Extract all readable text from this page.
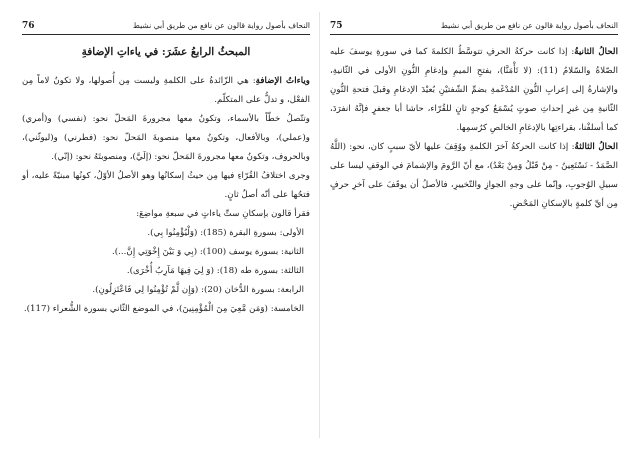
76	النحاف بأصول رواية قالون عن نافع من طريق أبي نشيط
المبحثُ الرابعُ عشَرَ: في ياءاتِ الإضافةِ

وياءاتُ الإضافةِ: هي الزّائدةُ على الكلمةِ وليست مِن أُصولها، ولا تكونُ لاماً مِن الفعْل، و تدلُّ على المتكلّم.

وتتّصلُ خطّاً بالأسماء، وتكونُ معها مجرورةَ المَحلّ نحو: (نفسي) و(أمري) و(عملي)، وبالأفعال، وتكونُ معها منصوبةَ المَحلّ نحو: (فطرني) و(ليوثّني)، وبالحروف، وتكونُ معها مجرورةَ المَحلّ نحو: (إلَيَّ)، ومنصوبتَهُ نحو: (إنّي).

وجرى اختلافُ القُرّاءِ فيها مِن حيثُ إسكانُها وهو الأصلُ الأوّلُ، كونُها مبنيّةً عليه، أو فتحُها على أنّه أصلٌ ثانٍ.

فقرأ قالون بإسكانِ ستِّ ياءاتٍ في سبعةِ مواضِعَ:

الأولى: بسورةِ البقرة (185): (وَلْيُؤْمِنُوا بِي).

الثانية: بسورة يوسف (100): (بِي وَ بَيْنَ إِخْوَتِي إِنَّ...).

الثالثة: بسورة طه (18): (وَ لِيَ فِيهَا مَآرِبُ أُخْرَى).

الرابعة: بسورة الدُّخان (20): (وَإِن لَّمْ تُؤْمِنُوا لِي فَاعْتَزِلُونِ).

الخامسة: (وَمَن مَّعِيَ مِنَ الْمُؤْمِنِينَ)، في الموضع الثّاني بسورة الشُّعراء (117).

75	النحاف بأصول رواية قالون عن نافع من طريق أبي نشيط

الحالُ الثانيةُ: إذا كانت حركةُ الحرفِ تتوسَّطُ الكلمةَ كما في سورةِ يوسفَ عليه الصّلاةُ والسّلامُ (11): (لا تَأْمَنَّا)، بفتحِ الميمِ وإدغامِ النُّونِ الأولى في الثّانيةِ، والإشارةُ إلى إعرابِ النُّونِ المُدْغَمةِ بضمِّ الشّفتيْنِ بُعيْدَ الإدغامِ وقبلَ فتحةِ النُّونِ الثّانيةِ مِن غيرِ إحداثِ صوتٍ يُسْمَعُ كوجهٍ ثانٍ للقُرّاء، حاشا أبا جعفرٍ فإنَّهُ انفرَدَ، كما أسلفْنا، بقراءتِها بالإدغامِ الخالصِ كرُسمِها.

الحالُ الثالثةُ: إذا كانت الحركةُ آخرَ الكلمةِ ووُقِفَ عليها لأيّ سببٍ كان، نحو: (اللَّهُ الصَّمَدُ - نَسْتَعِينُ - مِنْ قَبْلُ وَمِنْ بَعْدُ)، مع أنّ الرَّومَ والإشمامَ في الوقفِ ليسا على سبيلِ الوُجوبِ، وإنّما على وجهِ الجوازِ والتّخييرِ، فالأصلُ أن يوقَفَ على آخرِ حرفٍ مِن أيِّ كلمةٍ بالإسكانِ المَحْضِ.
